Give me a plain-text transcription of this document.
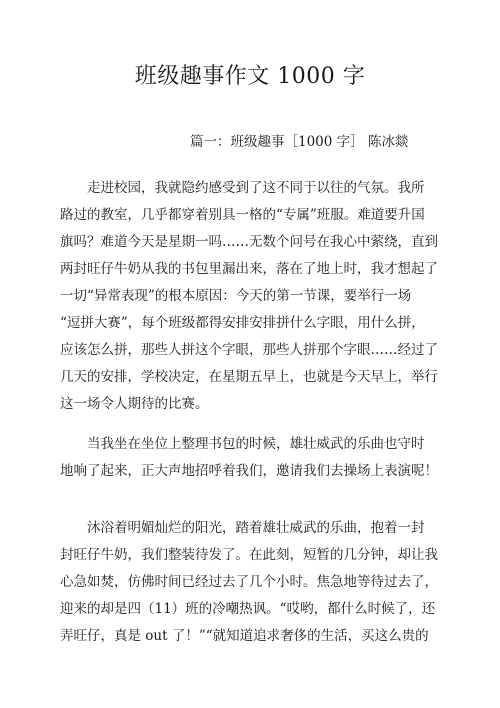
班级趣事作文 1000 字
篇一：班级趣事［1000 字］ 陈冰燚
　　走进校园，我就隐约感受到了这不同于以往的气氛。我所
路过的教室，几乎都穿着别具一格的“专属”班服。难道要升国
旗吗？难道今天是星期一吗……无数个问号在我心中萦绕，直到
两封旺仔牛奶从我的书包里漏出来，落在了地上时，我才想起了
一切“异常表现”的根本原因：今天的第一节课，要举行一场
“逗拼大赛”，每个班级都得安排安排拼什么字眼，用什么拼，
应该怎么拼，那些人拼这个字眼，那些人拼那个字眼……经过了
几天的安排，学校决定，在星期五早上，也就是今天早上，举行
这一场令人期待的比赛。
　　当我坐在坐位上整理书包的时候，雄壮威武的乐曲也守时
地响了起来，正大声地招呼着我们，邀请我们去操场上表演呢！
　　沐浴着明媚灿烂的阳光，踏着雄壮威武的乐曲，抱着一封
封旺仔牛奶，我们整装待发了。在此刻，短暂的几分钟，却让我
心急如焚，仿佛时间已经过去了几个小时。焦急地等待过去了，
迎来的却是四（11）班的冷嘲热讽。“哎哟，都什么时候了，还
弄旺仔，真是 out 了！”“就知道追求奢侈的生活，买这么贵的
